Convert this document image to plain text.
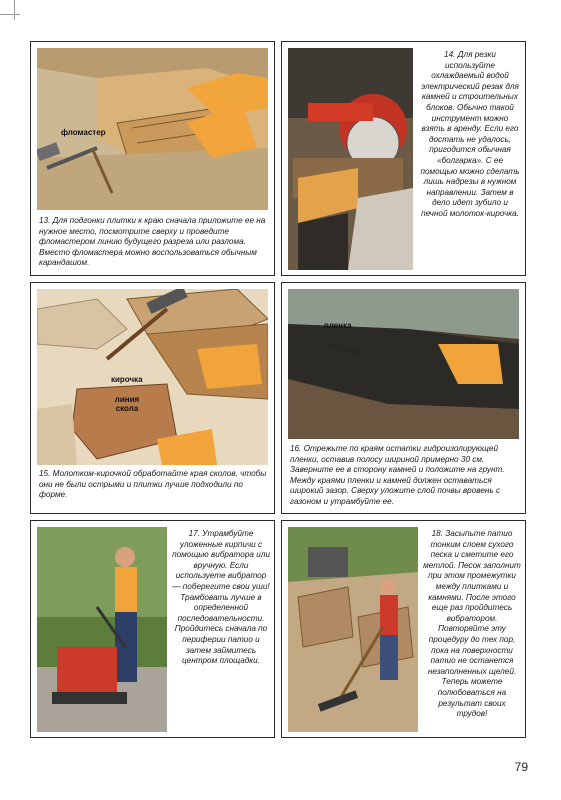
фломастер
13. Для подгонки плитки к краю сначала приложите ее на нужное место, посмотрите сверху и проведите фломастером линию будущего разреза или разлома. Вместо фломастера можно воспользоваться обычным карандашом.
14. Для резки используйте охлаждаемый водой электрический резак для камней и строительных блоков. Обычно такой инструмент можно взять в аренду. Если его достать не удалось, пригодится обычная «болгарка». С ее помощью можно сделать лишь надрезы в нужном направлении. Затем в дело идет зубило и печной молоток-кирочка.
кирочка
линия скола
15. Молотком-кирочкой обработайте края сколов, чтобы они не были острыми и плитки лучше подходили по форме.
пленка
16. Отрежьте по краям остатки гидроизолирующей пленки, оставив полосу шириной примерно 30 см. Заверните ее в сторону камней и положите на грунт. Между краями пленки и камней должен оставаться широкий зазор. Сверху уложите слой почвы вровень с газоном и утрамбуйте ее.
17. Утрамбуйте уложенные кирпичи с помощью вибратора или вручную. Если используете вибратор — поберегите свои уши! Трамбовать лучше в определенной последовательности. Пройдитесь сначала по периферии патио и затем займитесь центром площадки.
18. Засыпьте патио тонким слоем сухого песка и сметите его метлой. Песок заполнит при этом промежутки между плитками и камнями. После этого еще раз пройдитесь вибратором. Повторяйте эту процедуру до тех пор, пока на поверхности патио не останется незаполненных щелей. Теперь можете полюбоваться на результат своих трудов!
79
